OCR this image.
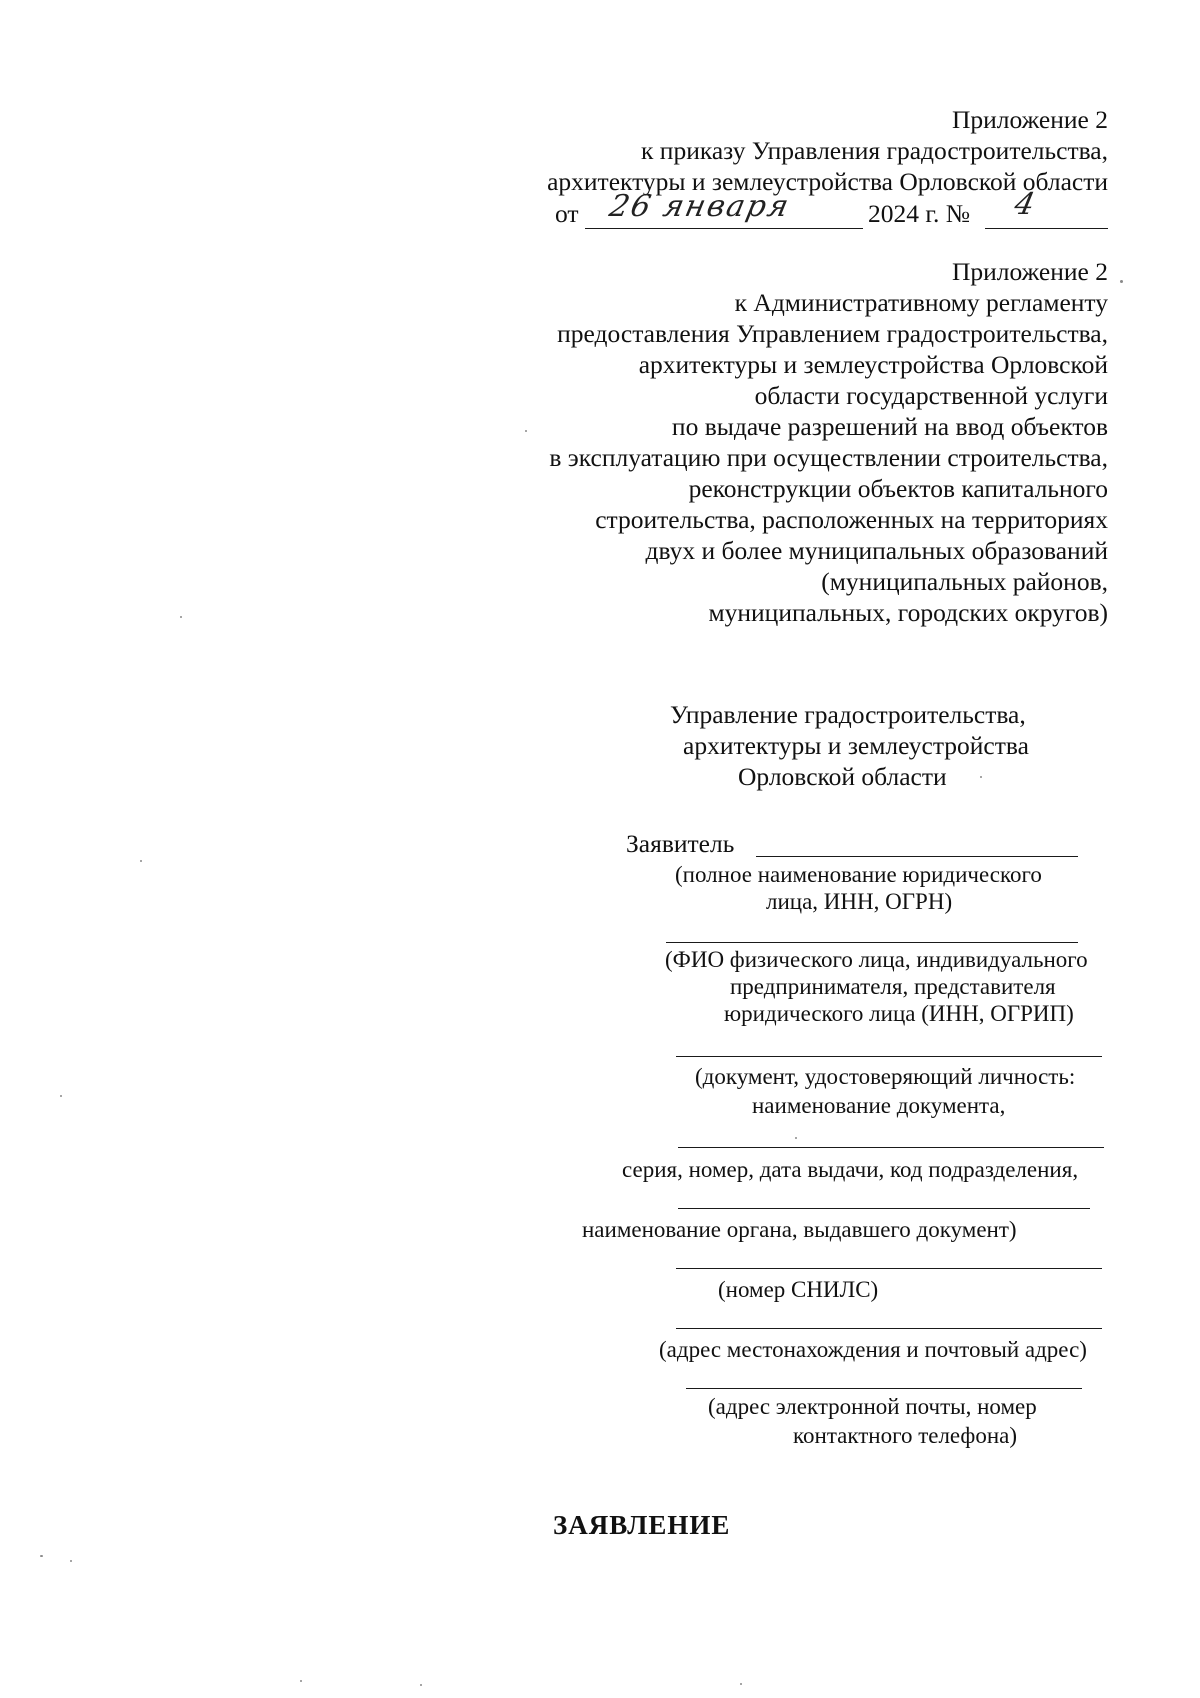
Приложение 2
к приказу Управления градостроительства,
архитектуры и землеустройства Орловской области
от 26 января	2024 г. № 4
Приложение 2
к Административному регламенту
предоставления Управлением градостроительства,
архитектуры и землеустройства Орловской
области государственной услуги
по выдаче разрешений на ввод объектов
в эксплуатацию при осуществлении строительства,
реконструкции объектов капитального
строительства, расположенных на территориях
двух и более муниципальных образований
(муниципальных районов,
муниципальных, городских округов)
Управление градостроительства,
архитектуры и землеустройства
Орловской области
Заявитель
(полное наименование юридического
лица, ИНН, ОГРН)
(ФИО физического лица, индивидуального
предпринимателя, представителя
юридического лица (ИНН, ОГРИП)
(документ, удостоверяющий личность:
наименование документа,
серия, номер, дата выдачи, код подразделения,
наименование органа, выдавшего документ)
(номер СНИЛС)
(адрес местонахождения и почтовый адрес)
(адрес электронной почты, номер
контактного телефона)
ЗАЯВЛЕНИЕ
